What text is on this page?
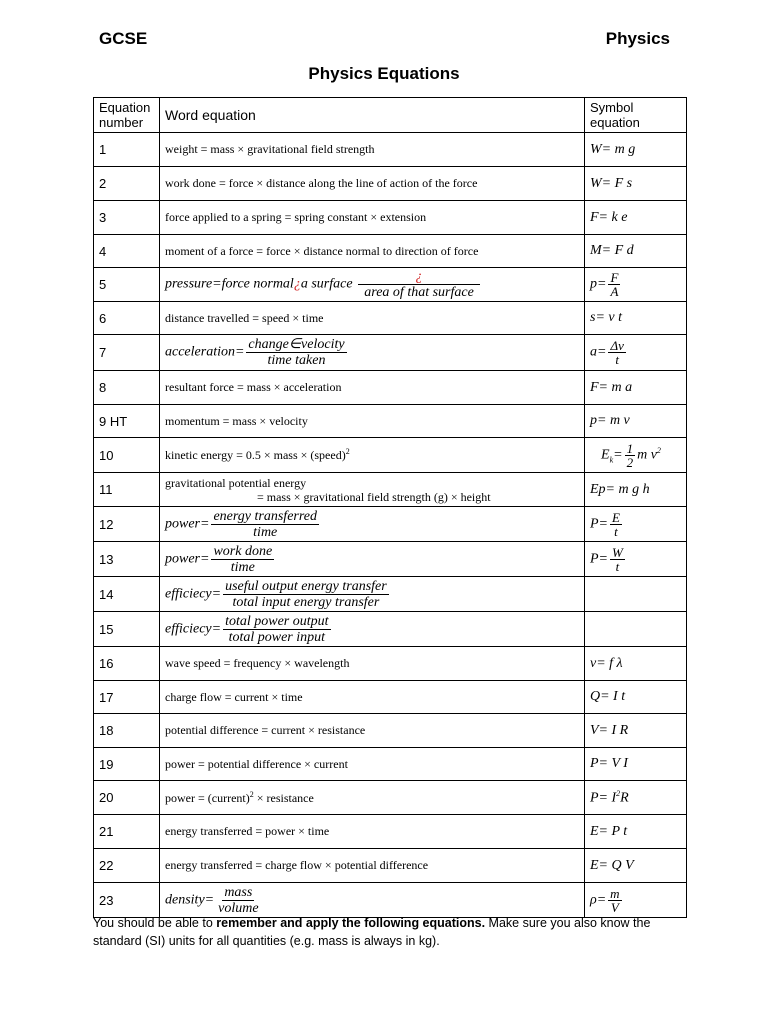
GCSE	Physics
Physics Equations
Equation number	Word equation	Symbol equation
1	weight = mass × gravitational field strength	W= m g
2	work done = force × distance along the line of action of the force	W= F s
3	force applied to a spring = spring constant × extension	F= k e
4	moment of a force = force × distance normal to direction of force	M= F d
5	pressure=force normal¿a surface $\frac{¿}{\text{area of that surface}}$	$p= \frac{F}{A}$

6	distance travelled = speed × time	s= v t
7	acceleration= $\frac{\text{change∈velocity}}{\text{time taken}}$	$a= \frac{\Delta v}{t}$

8	resultant force = mass × acceleration	F= m a
9 HT	momentum = mass × velocity	p= m v
10	kinetic energy = 0.5 × mass × (speed)$^2$	$E_k= \frac{1}{2}$ m $v^2$
11	gravitational potential energy
= mass × gravitational field strength (g) × height	Ep= m g h
12	power= $\frac{\text{energy transferred}}{\text{time}}$	$P= \frac{E}{t}$

13	power= $\frac{\text{work done}}{\text{time}}$	$P= \frac{W}{t}$

14	efficiecy= $\frac{\text{useful output energy transfer}}{\text{total input energy transfer}}$

15	efficiecy= $\frac{\text{total power output}}{\text{total power input}}$

16	wave speed = frequency × wavelength	v= f λ
17	charge flow = current × time	Q= I t
18	potential difference = current × resistance	V= I R
19	power = potential difference × current	P= V I
20	power = (current)$^2$ × resistance	$P= I^2R$
21	energy transferred = power × time	E= P t
22	energy transferred = charge flow × potential difference	E= Q V
23	density= $\frac{\text{mass}}{\text{volume}}$	$\rho= \frac{m}{V}$
You should be able to remember and apply the following equations. Make sure you also know the standard (SI) units for all quantities (e.g. mass is always in kg).
